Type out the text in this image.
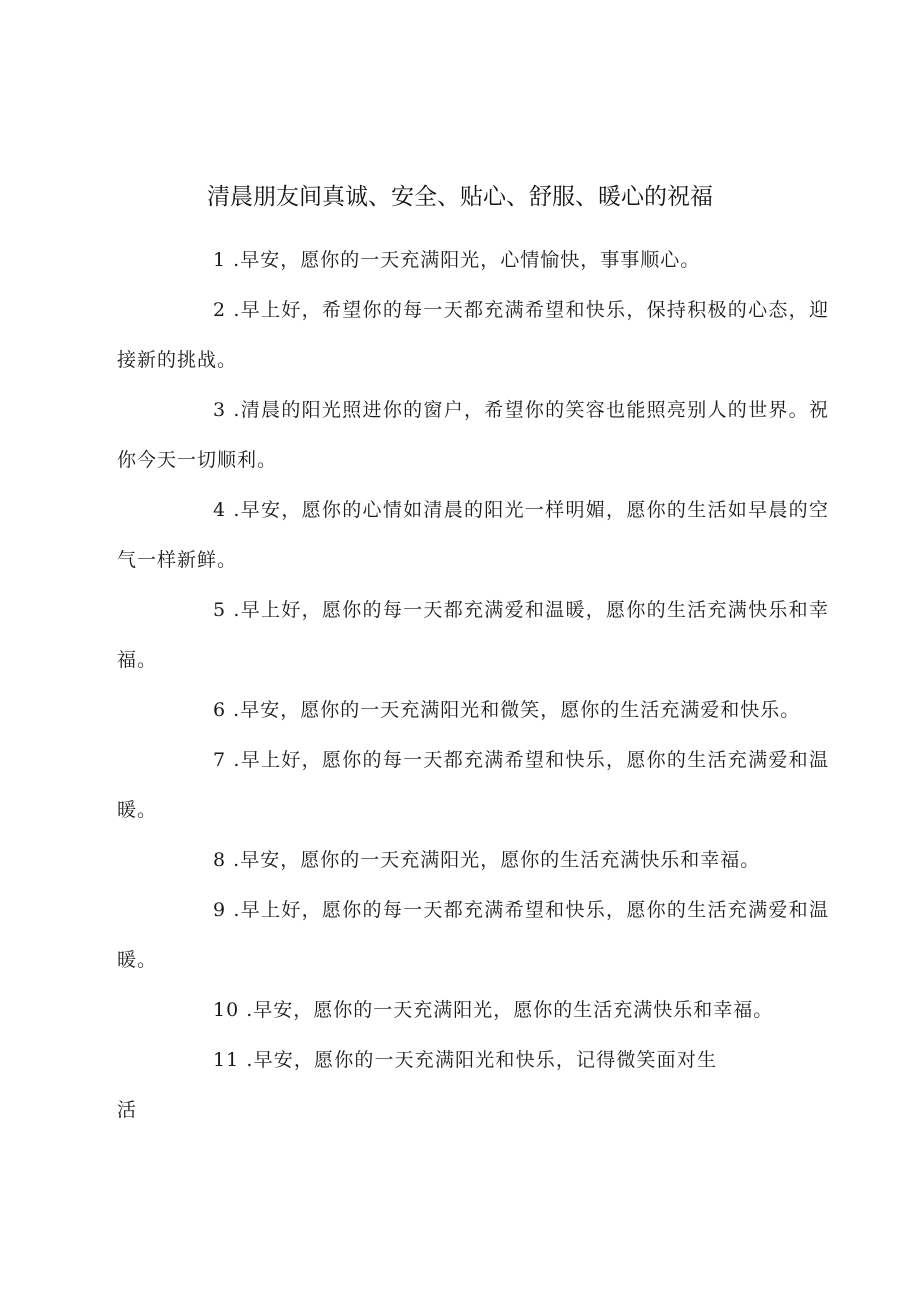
清晨朋友间真诚、安全、贴心、舒服、暖心的祝福

1 .早安，愿你的一天充满阳光，心情愉快，事事顺心。

2 .早上好，希望你的每一天都充满希望和快乐，保持积极的心态，迎接新的挑战。

3 .清晨的阳光照进你的窗户，希望你的笑容也能照亮别人的世界。祝你今天一切顺利。

4 .早安，愿你的心情如清晨的阳光一样明媚，愿你的生活如早晨的空气一样新鲜。

5 .早上好，愿你的每一天都充满爱和温暖，愿你的生活充满快乐和幸福。

6 .早安，愿你的一天充满阳光和微笑，愿你的生活充满爱和快乐。

7 .早上好，愿你的每一天都充满希望和快乐，愿你的生活充满爱和温暖。

8 .早安，愿你的一天充满阳光，愿你的生活充满快乐和幸福。

9 .早上好，愿你的每一天都充满希望和快乐，愿你的生活充满爱和温暖。

10 .早安，愿你的一天充满阳光，愿你的生活充满快乐和幸福。

11 .早安，愿你的一天充满阳光和快乐，记得微笑面对生活
